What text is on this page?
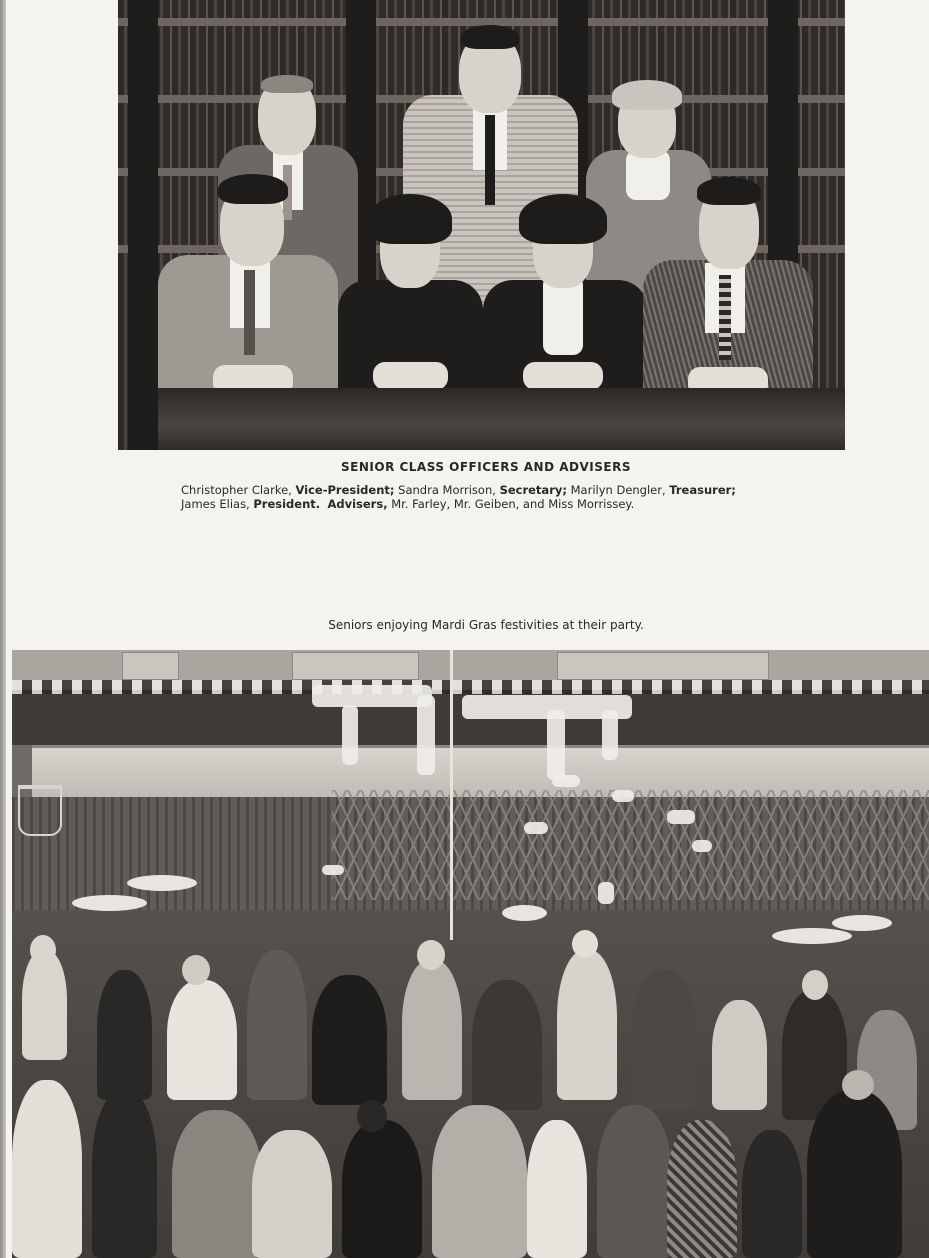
SENIOR CLASS OFFICERS AND ADVISERS
Christopher Clarke, Vice-President; Sandra Morrison, Secretary; Marilyn Dengler, Treasurer;
James Elias, President. Advisers, Mr. Farley, Mr. Geiben, and Miss Morrissey.
Seniors enjoying Mardi Gras festivities at their party.
